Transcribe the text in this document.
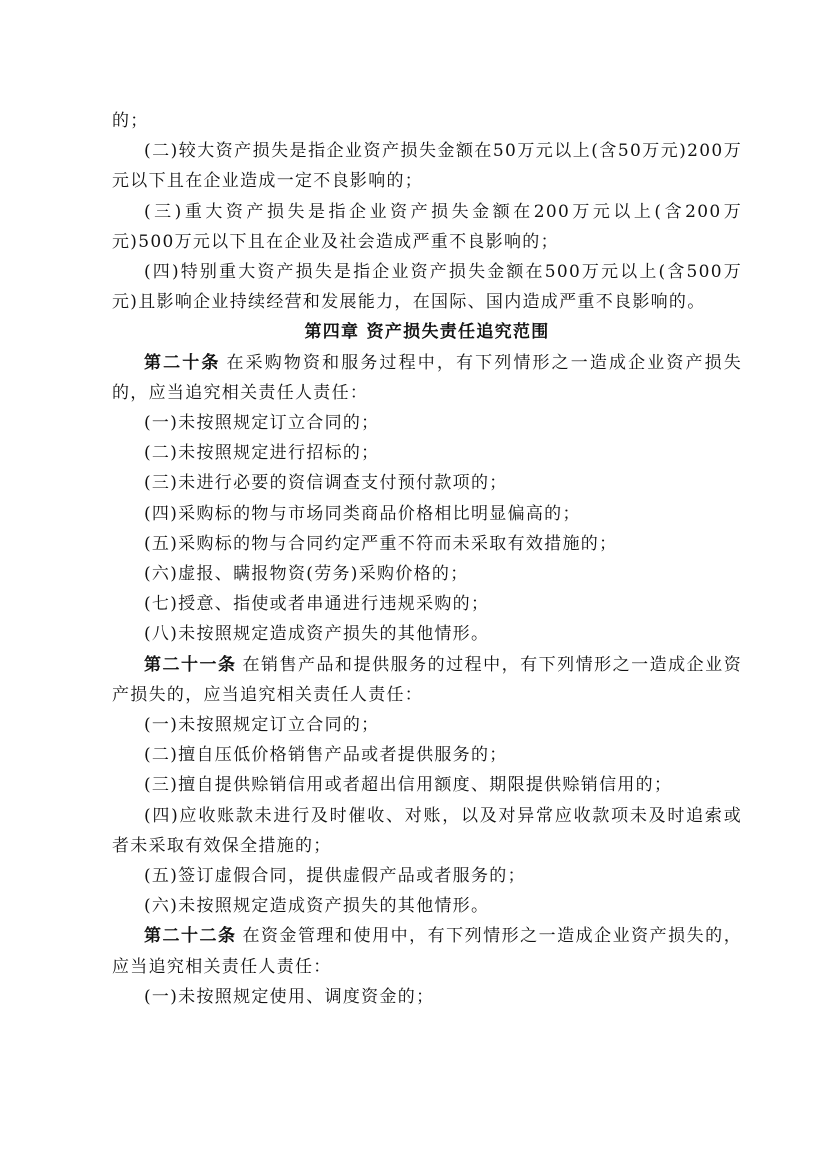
的；

(二)较大资产损失是指企业资产损失金额在50万元以上(含50万元)200万元以下且在企业造成一定不良影响的；

(三)重大资产损失是指企业资产损失金额在200万元以上(含200万元)500万元以下且在企业及社会造成严重不良影响的；

(四)特别重大资产损失是指企业资产损失金额在500万元以上(含500万元)且影响企业持续经营和发展能力，在国际、国内造成严重不良影响的。

第四章 资产损失责任追究范围

第二十条 在采购物资和服务过程中，有下列情形之一造成企业资产损失的，应当追究相关责任人责任：

(一)未按照规定订立合同的；

(二)未按照规定进行招标的；

(三)未进行必要的资信调查支付预付款项的；

(四)采购标的物与市场同类商品价格相比明显偏高的；

(五)采购标的物与合同约定严重不符而未采取有效措施的；

(六)虚报、瞒报物资(劳务)采购价格的；

(七)授意、指使或者串通进行违规采购的；

(八)未按照规定造成资产损失的其他情形。

第二十一条 在销售产品和提供服务的过程中，有下列情形之一造成企业资产损失的，应当追究相关责任人责任：

(一)未按照规定订立合同的；

(二)擅自压低价格销售产品或者提供服务的；

(三)擅自提供赊销信用或者超出信用额度、期限提供赊销信用的；

(四)应收账款未进行及时催收、对账，以及对异常应收款项未及时追索或者未采取有效保全措施的；

(五)签订虚假合同，提供虚假产品或者服务的；

(六)未按照规定造成资产损失的其他情形。

第二十二条 在资金管理和使用中，有下列情形之一造成企业资产损失的，应当追究相关责任人责任：

(一)未按照规定使用、调度资金的；
